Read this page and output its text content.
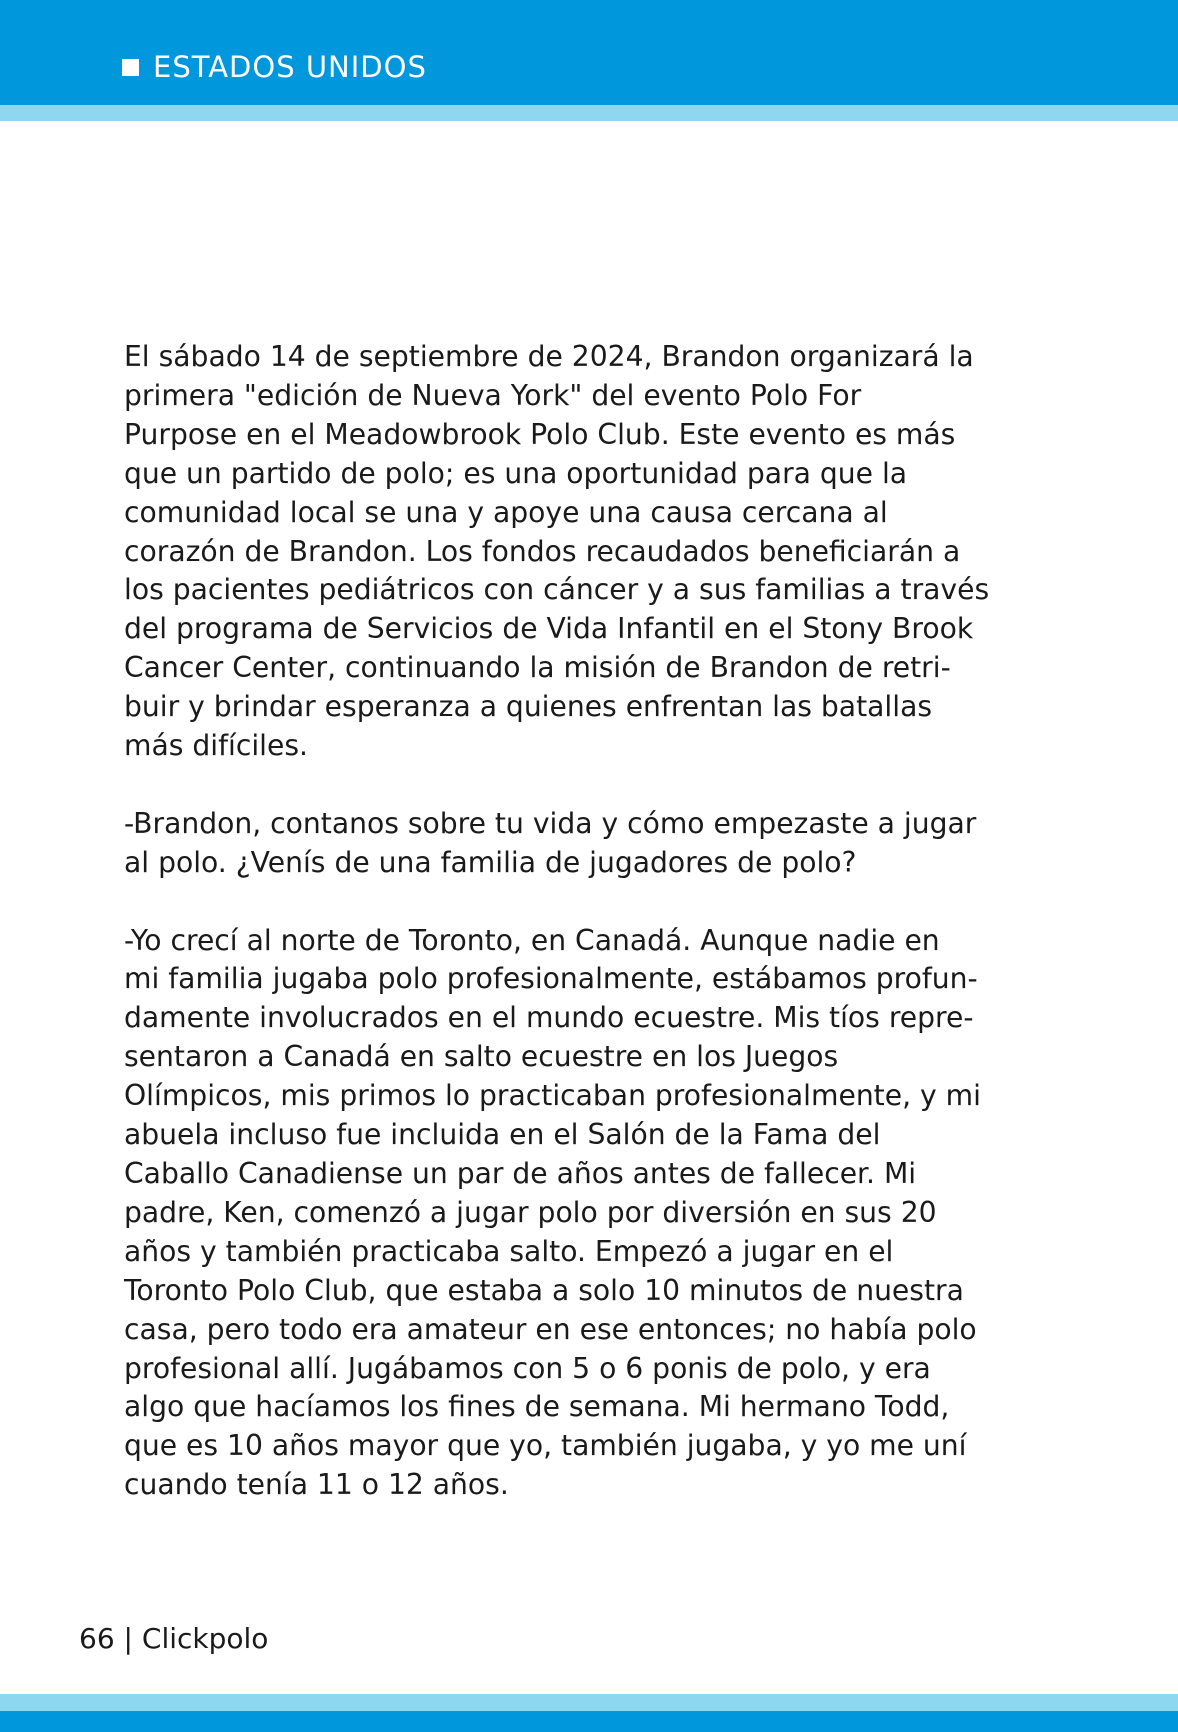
ESTADOS UNIDOS

El sábado 14 de septiembre de 2024, Brandon organizará la
primera "edición de Nueva York" del evento Polo For
Purpose en el Meadowbrook Polo Club. Este evento es más
que un partido de polo; es una oportunidad para que la
comunidad local se una y apoye una causa cercana al
corazón de Brandon. Los fondos recaudados beneficiarán a
los pacientes pediátricos con cáncer y a sus familias a través
del programa de Servicios de Vida Infantil en el Stony Brook
Cancer Center, continuando la misión de Brandon de retri-
buir y brindar esperanza a quienes enfrentan las batallas
más difíciles.

-Brandon, contanos sobre tu vida y cómo empezaste a jugar
al polo. ¿Venís de una familia de jugadores de polo?

-Yo crecí al norte de Toronto, en Canadá. Aunque nadie en
mi familia jugaba polo profesionalmente, estábamos profun-
damente involucrados en el mundo ecuestre. Mis tíos repre-
sentaron a Canadá en salto ecuestre en los Juegos
Olímpicos, mis primos lo practicaban profesionalmente, y mi
abuela incluso fue incluida en el Salón de la Fama del
Caballo Canadiense un par de años antes de fallecer. Mi
padre, Ken, comenzó a jugar polo por diversión en sus 20
años y también practicaba salto. Empezó a jugar en el
Toronto Polo Club, que estaba a solo 10 minutos de nuestra
casa, pero todo era amateur en ese entonces; no había polo
profesional allí. Jugábamos con 5 o 6 ponis de polo, y era
algo que hacíamos los fines de semana. Mi hermano Todd,
que es 10 años mayor que yo, también jugaba, y yo me uní
cuando tenía 11 o 12 años.

66 | Clickpolo
